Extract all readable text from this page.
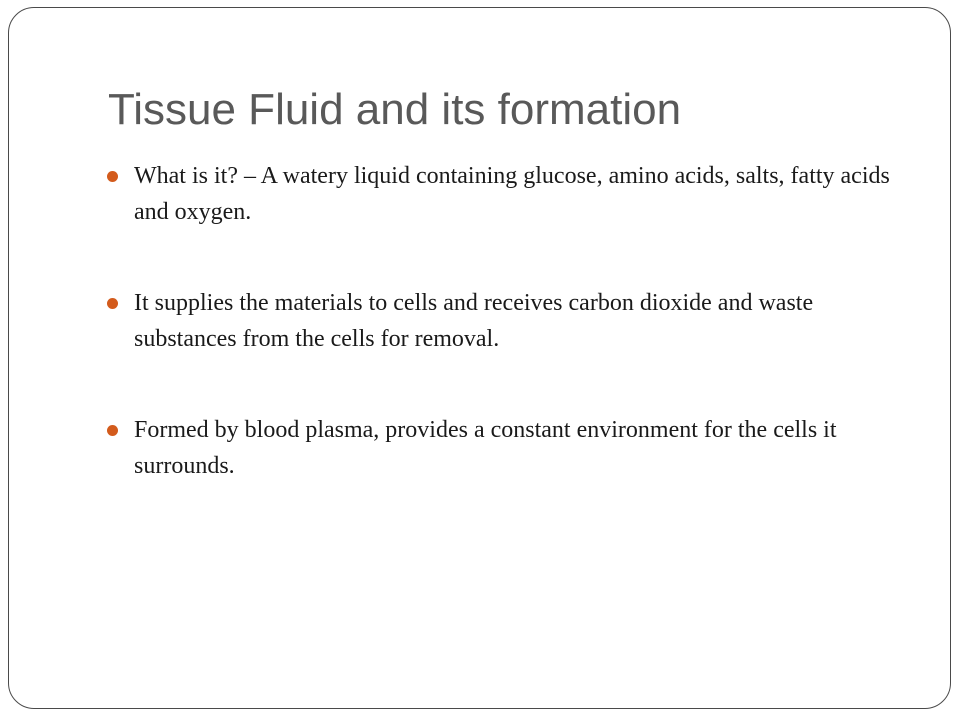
Tissue Fluid and its formation
What is it? – A watery liquid containing glucose, amino acids, salts, fatty acids and oxygen.
It supplies the materials to cells and receives carbon dioxide and waste substances from the cells for removal.
Formed by blood plasma, provides a constant environment for the cells it surrounds.
